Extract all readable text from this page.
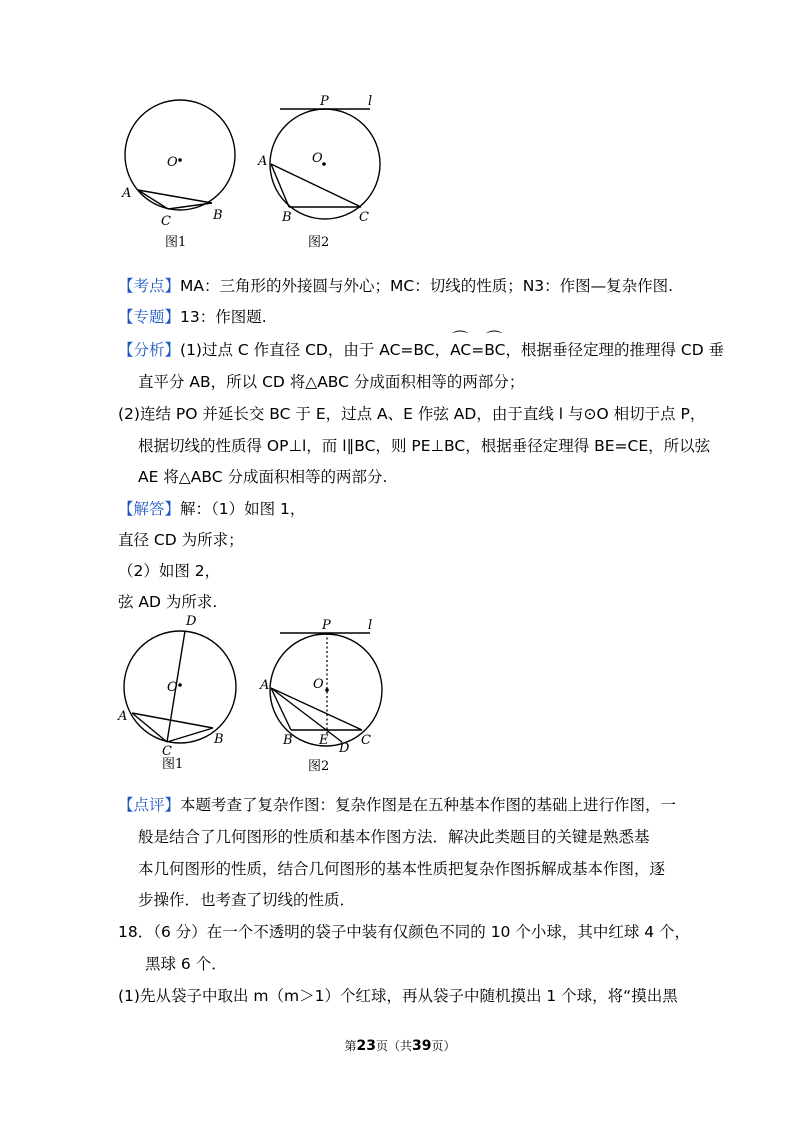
O
A
C	B
图1
P	l
O
A
B	C
图2
【考点】MA：三角形的外接圆与外心；MC：切线的性质；N3：作图—复杂作图.
【专题】13：作图题.
【分析】(1)过点 C 作直径 CD，由于 AC=BC，⌒ AC=⌒ BC，根据垂径定理的推理得 CD 垂
直平分 AB，所以 CD 将△ABC 分成面积相等的两部分；
(2)连结 PO 并延长交 BC 于 E，过点 A、E 作弦 AD，由于直线 l 与⊙O 相切于点 P，
根据切线的性质得 OP⊥l，而 l∥BC，则 PE⊥BC，根据垂径定理得 BE=CE，所以弦
AE 将△ABC 分成面积相等的两部分.
【解答】解：（1）如图 1，
直径 CD 为所求；
（2）如图 2，
弦 AD 为所求.
D
O
A
C
B
图1
P	l
O
A
B E
D
C
图2
【点评】本题考查了复杂作图：复杂作图是在五种基本作图的基础上进行作图，一
般是结合了几何图形的性质和基本作图方法．解决此类题目的关键是熟悉基
本几何图形的性质，结合几何图形的基本性质把复杂作图拆解成基本作图，逐
步操作．也考查了切线的性质．
18．（6 分）在一个不透明的袋子中装有仅颜色不同的 10 个小球，其中红球 4 个，
黑球 6 个．
(1)先从袋子中取出 m（m＞1）个红球，再从袋子中随机摸出 1 个球，将“摸出黑
第23页（共39页）
